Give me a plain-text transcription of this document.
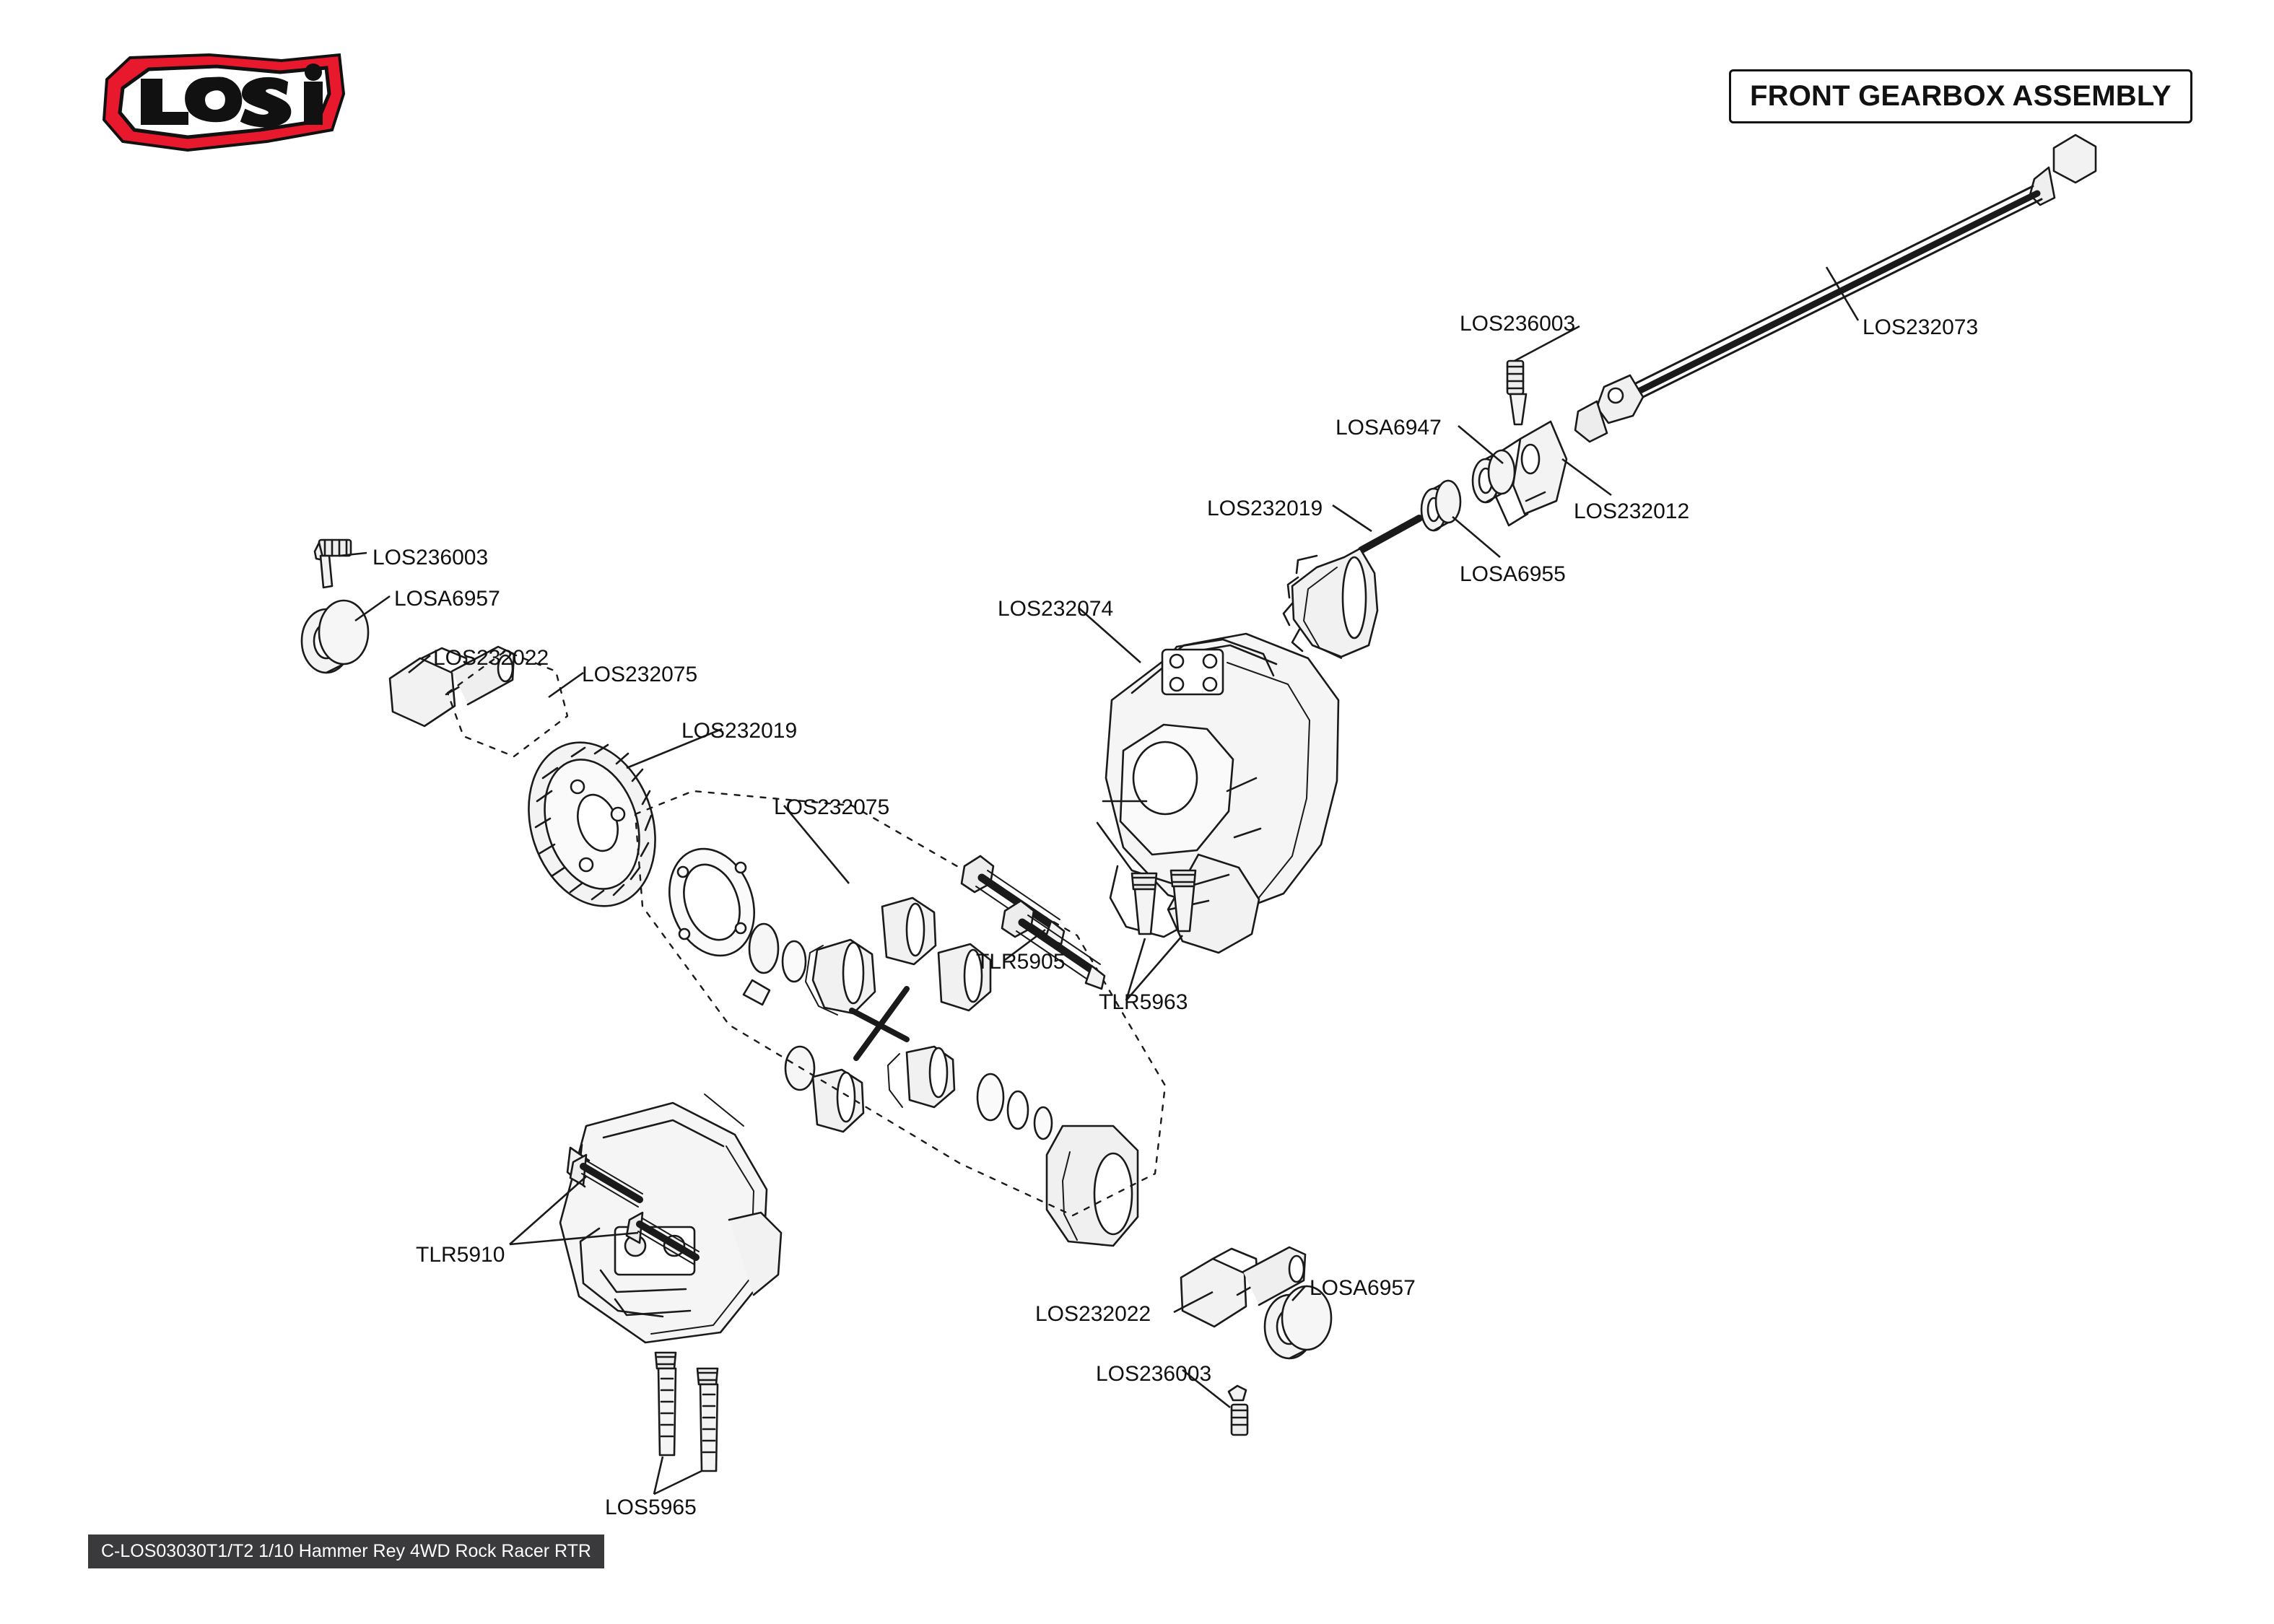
FRONT GEARBOX ASSEMBLY
LOS236003	LOS232073
LOSA6947
LOS232019	LOS232012
LOSA6955
LOS236003
LOSA6957
LOS232022
LOS232075
LOS232074
LOS232019
LOS232075
TLR5905
TLR5963
TLR5910
LOS232022
LOSA6957
LOS236003
LOS5965
C-LOS03030T1/T2 1/10 Hammer Rey 4WD Rock Racer RTR
